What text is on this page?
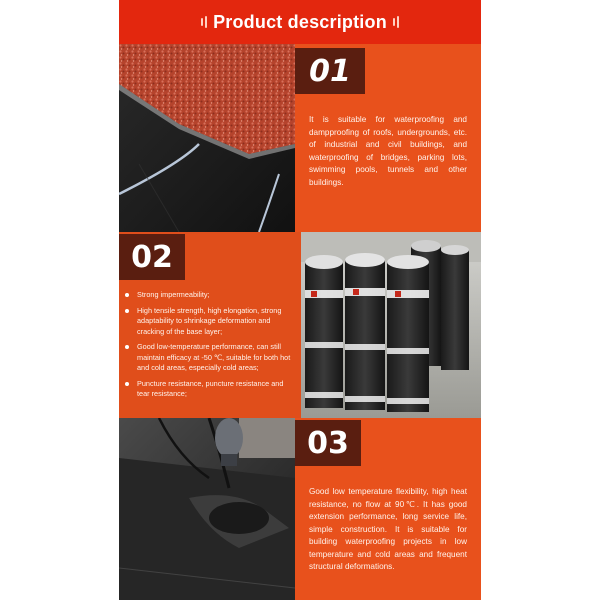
Product description
01
It is suitable for waterproofing and dampproofing of roofs, undergrounds, etc. of industrial and civil buildings, and waterproofing of bridges, parking lots, swimming pools, tunnels and other buildings.
02
Strong impermeability;
High tensile strength, high elongation, strong adaptability to shrinkage deformation and cracking of the base layer;
Good low-temperature performance, can still maintain efficacy at -50 ℃, suitable for both hot and cold areas, especially cold areas;
Puncture resistance, puncture resistance and tear resistance;
03
Good low temperature flexibility, high heat resistance, no flow at 90℃. It has good extension performance, long service life, simple construction. It is suitable for building waterproofing projects in low temperature and cold areas and frequent structural deformations.
